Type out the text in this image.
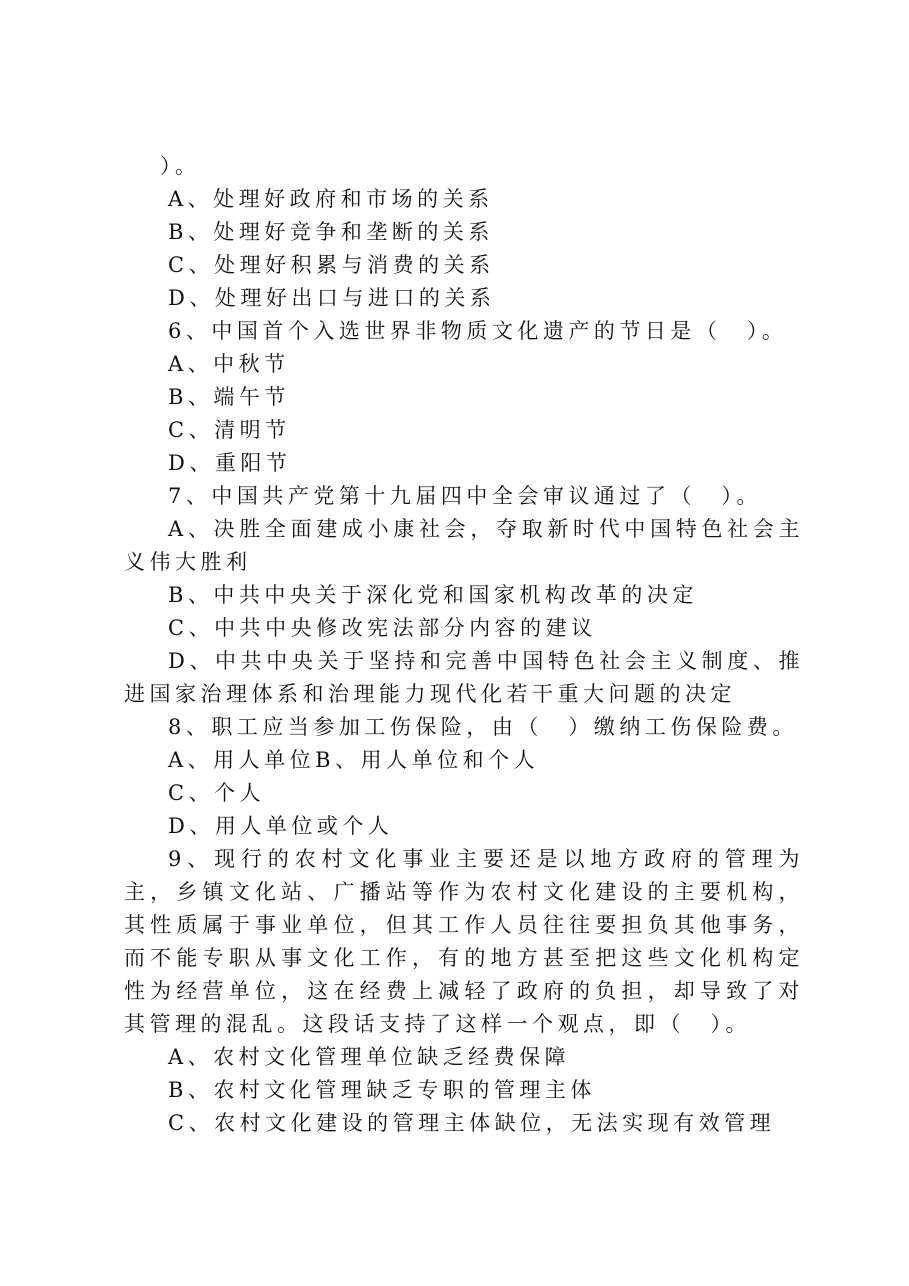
）。

A、处理好政府和市场的关系

B、处理好竞争和垄断的关系

C、处理好积累与消费的关系

D、处理好出口与进口的关系

6、中国首个入选世界非物质文化遗产的节日是（　）。

A、中秋节

B、端午节

C、清明节

D、重阳节

7、中国共产党第十九届四中全会审议通过了（　）。

A、决胜全面建成小康社会，夺取新时代中国特色社会主义伟大胜利

B、中共中央关于深化党和国家机构改革的决定

C、中共中央修改宪法部分内容的建议

D、中共中央关于坚持和完善中国特色社会主义制度、推进国家治理体系和治理能力现代化若干重大问题的决定

8、职工应当参加工伤保险，由（　）缴纳工伤保险费。

A、用人单位B、用人单位和个人

C、个人

D、用人单位或个人

9、现行的农村文化事业主要还是以地方政府的管理为主，乡镇文化站、广播站等作为农村文化建设的主要机构，其性质属于事业单位，但其工作人员往往要担负其他事务，而不能专职从事文化工作，有的地方甚至把这些文化机构定性为经营单位，这在经费上减轻了政府的负担，却导致了对其管理的混乱。这段话支持了这样一个观点，即（　）。

A、农村文化管理单位缺乏经费保障

B、农村文化管理缺乏专职的管理主体

C、农村文化建设的管理主体缺位，无法实现有效管理
